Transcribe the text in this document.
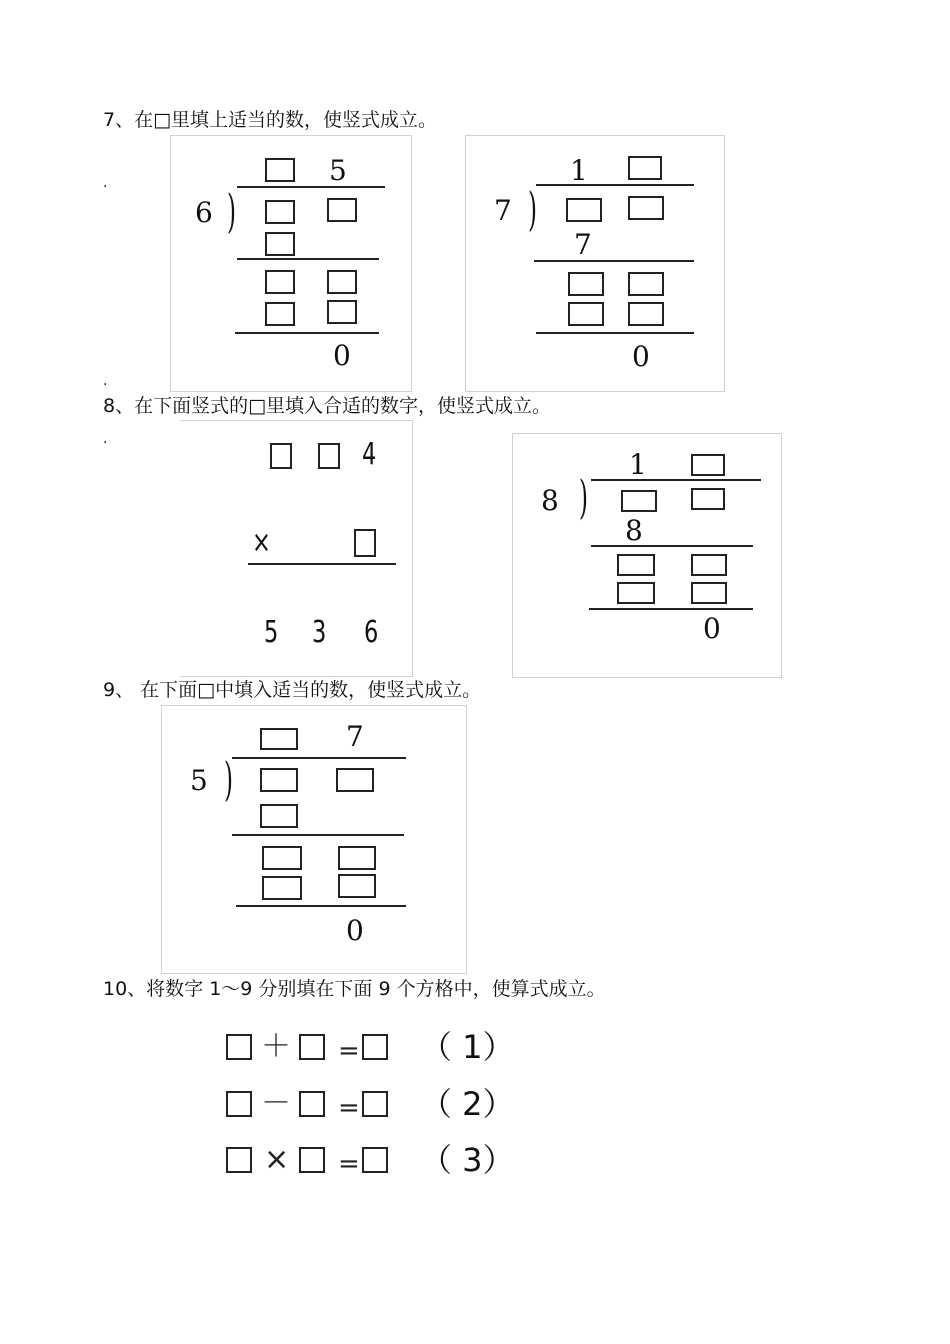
7、在□里填上适当的数，使竖式成立。
.
.
5
6 )
0
1
7 )
7
0
8、在下面竖式的□里填入合适的数字，使竖式成立。
.	4
×
5 3 6
1
8 )
8
0
9、 在下面□中填入适当的数，使竖式成立。
7
5 )
0
10、将数字 1～9 分别填在下面 9 个方格中，使算式成立。
＋ = （ 1）
－ = （ 2）
× = （ 3）
